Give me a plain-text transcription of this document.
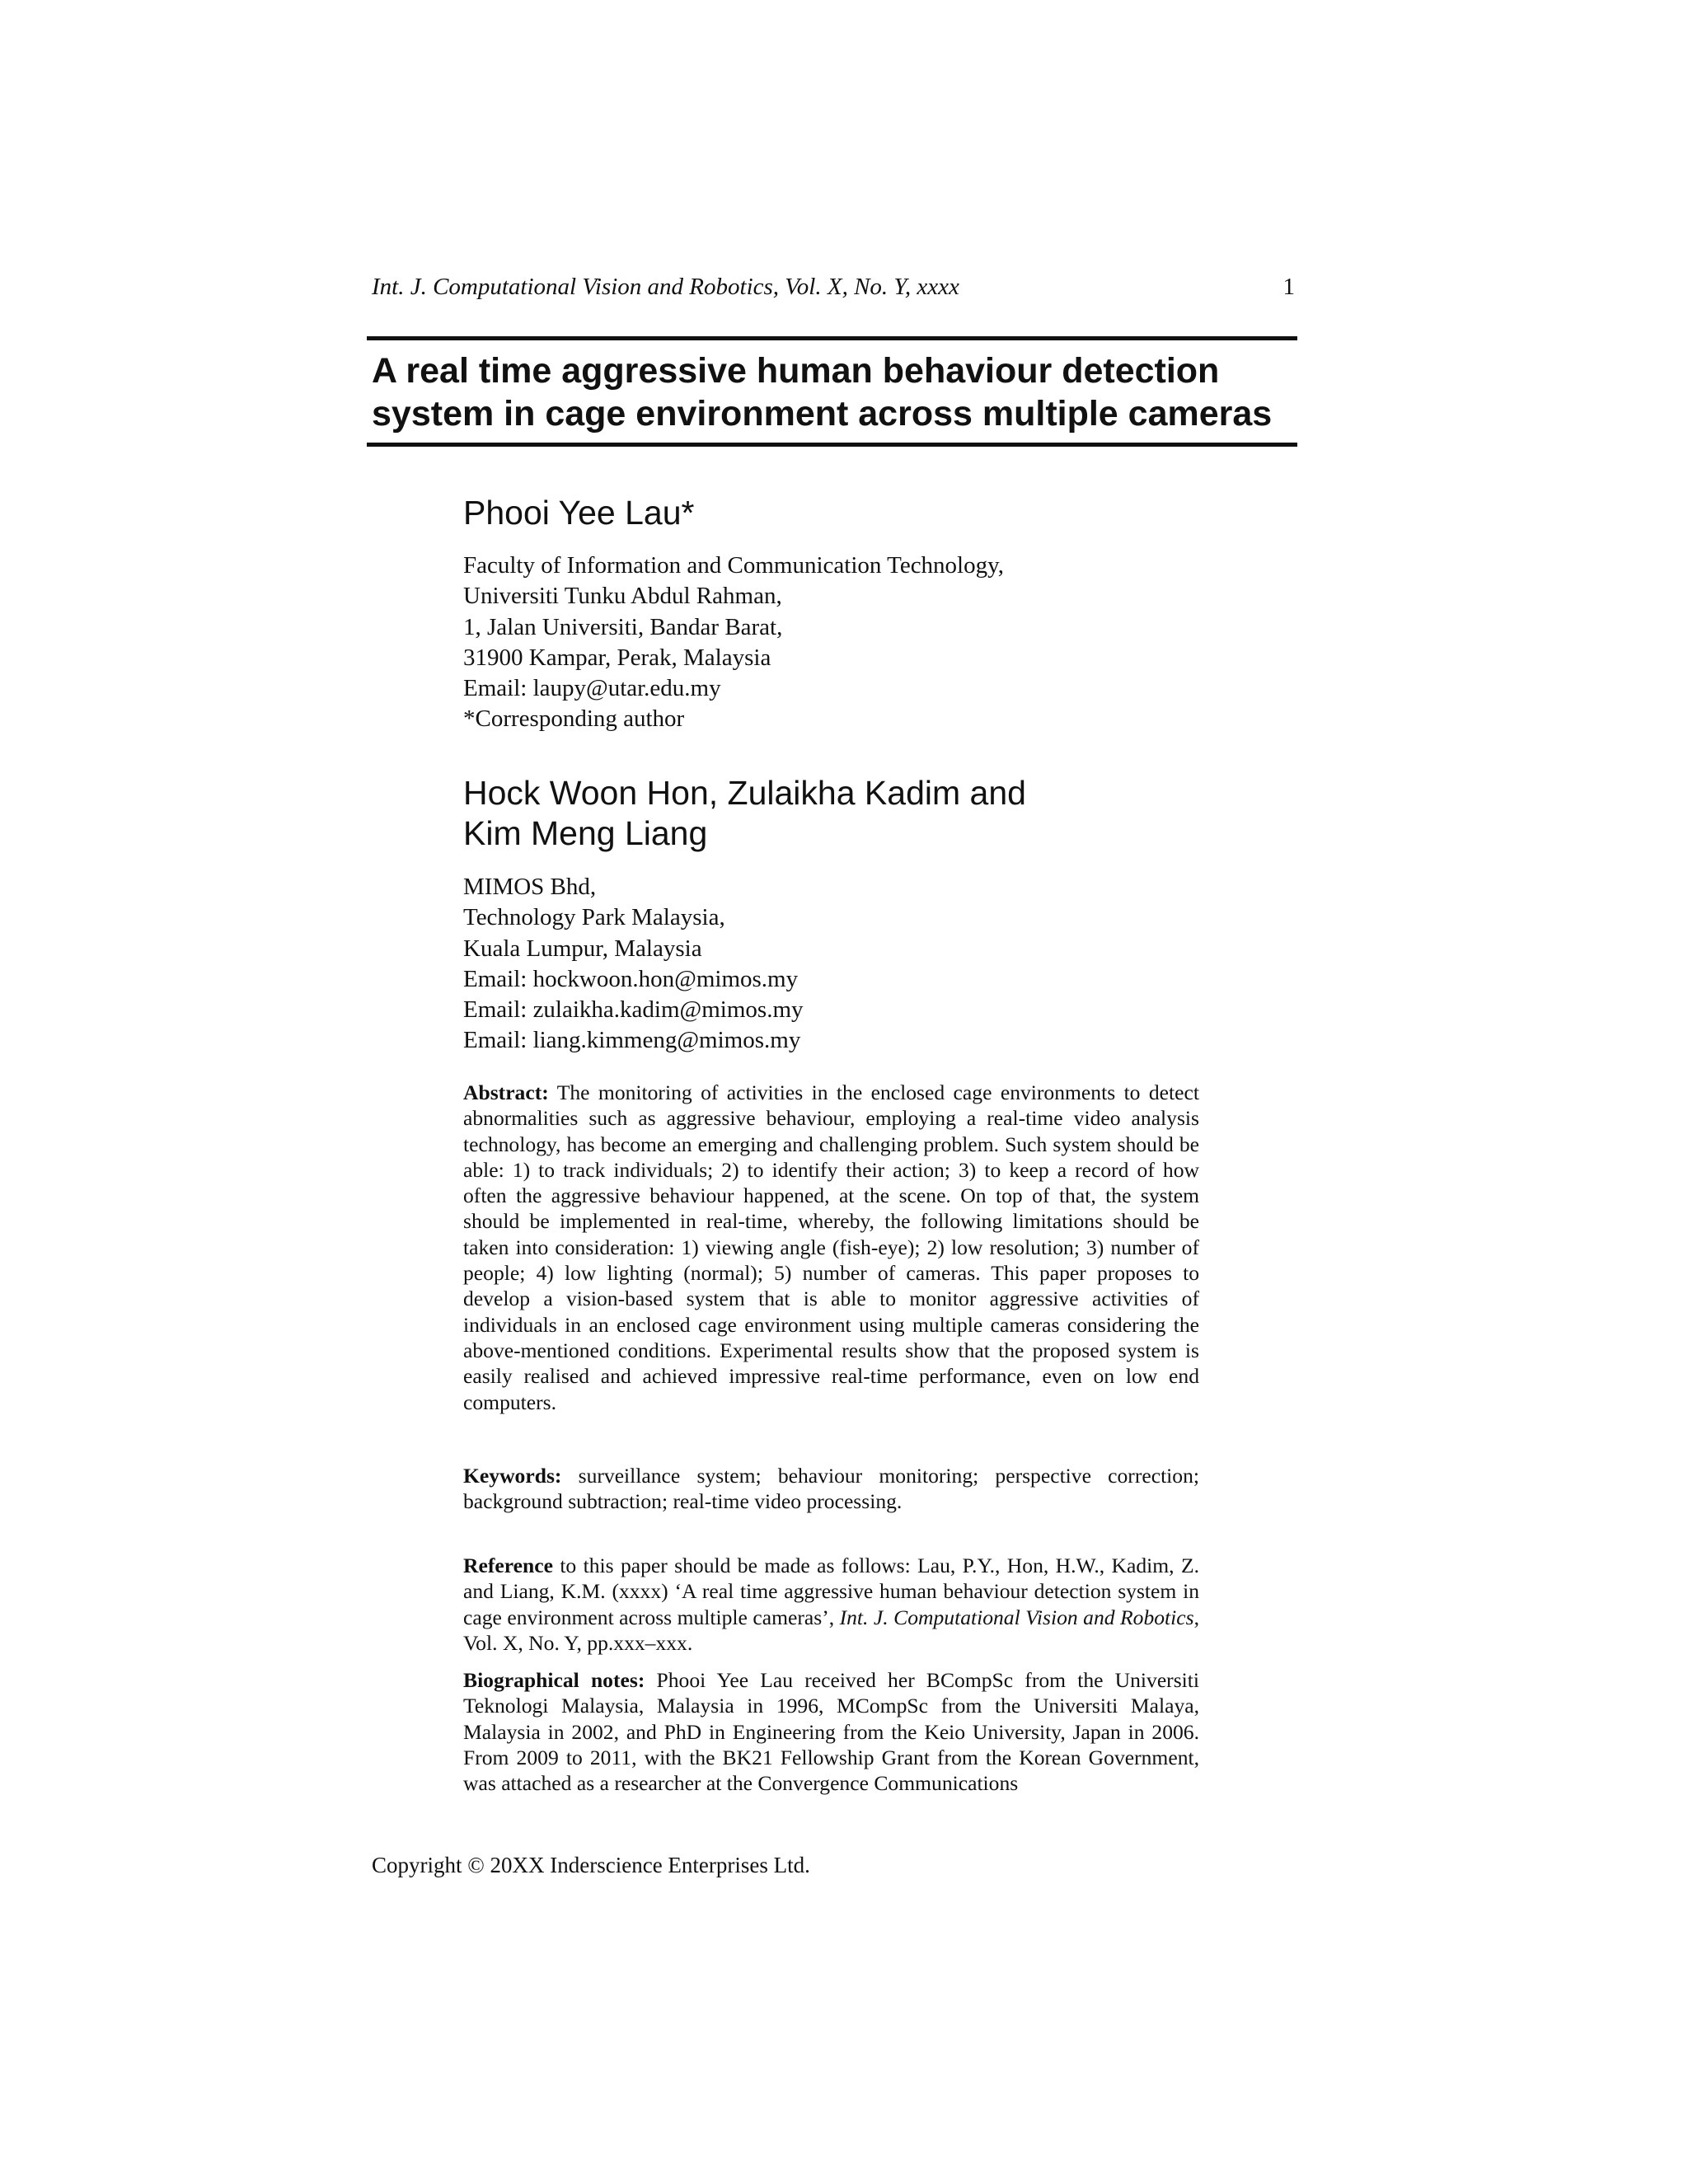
Int. J. Computational Vision and Robotics, Vol. X, No. Y, xxxx	1
A real time aggressive human behaviour detection
system in cage environment across multiple cameras
Phooi Yee Lau*
Faculty of Information and Communication Technology,
Universiti Tunku Abdul Rahman,
1, Jalan Universiti, Bandar Barat,
31900 Kampar, Perak, Malaysia
Email: laupy@utar.edu.my
*Corresponding author
Hock Woon Hon, Zulaikha Kadim and
Kim Meng Liang
MIMOS Bhd,
Technology Park Malaysia,
Kuala Lumpur, Malaysia
Email: hockwoon.hon@mimos.my
Email: zulaikha.kadim@mimos.my
Email: liang.kimmeng@mimos.my

Abstract: The monitoring of activities in the enclosed cage environments to detect abnormalities such as aggressive behaviour, employing a real-time video analysis technology, has become an emerging and challenging problem. Such system should be able: 1) to track individuals; 2) to identify their action; 3) to keep a record of how often the aggressive behaviour happened, at the scene. On top of that, the system should be implemented in real-time, whereby, the following limitations should be taken into consideration: 1) viewing angle (fish-eye); 2) low resolution; 3) number of people; 4) low lighting (normal); 5) number of cameras. This paper proposes to develop a vision-based system that is able to monitor aggressive activities of individuals in an enclosed cage environment using multiple cameras considering the above-mentioned conditions. Experimental results show that the proposed system is easily realised and achieved impressive real-time performance, even on low end computers.

Keywords: surveillance system; behaviour monitoring; perspective correction; background subtraction; real-time video processing.

Reference to this paper should be made as follows: Lau, P.Y., Hon, H.W., Kadim, Z. and Liang, K.M. (xxxx) ‘A real time aggressive human behaviour detection system in cage environment across multiple cameras’, Int. J. Computational Vision and Robotics, Vol. X, No. Y, pp.xxx–xxx.

Biographical notes: Phooi Yee Lau received her BCompSc from the Universiti Teknologi Malaysia, Malaysia in 1996, MCompSc from the Universiti Malaya, Malaysia in 2002, and PhD in Engineering from the Keio University, Japan in 2006. From 2009 to 2011, with the BK21 Fellowship Grant from the Korean Government, was attached as a researcher at the Convergence Communications

Copyright © 20XX Inderscience Enterprises Ltd.
